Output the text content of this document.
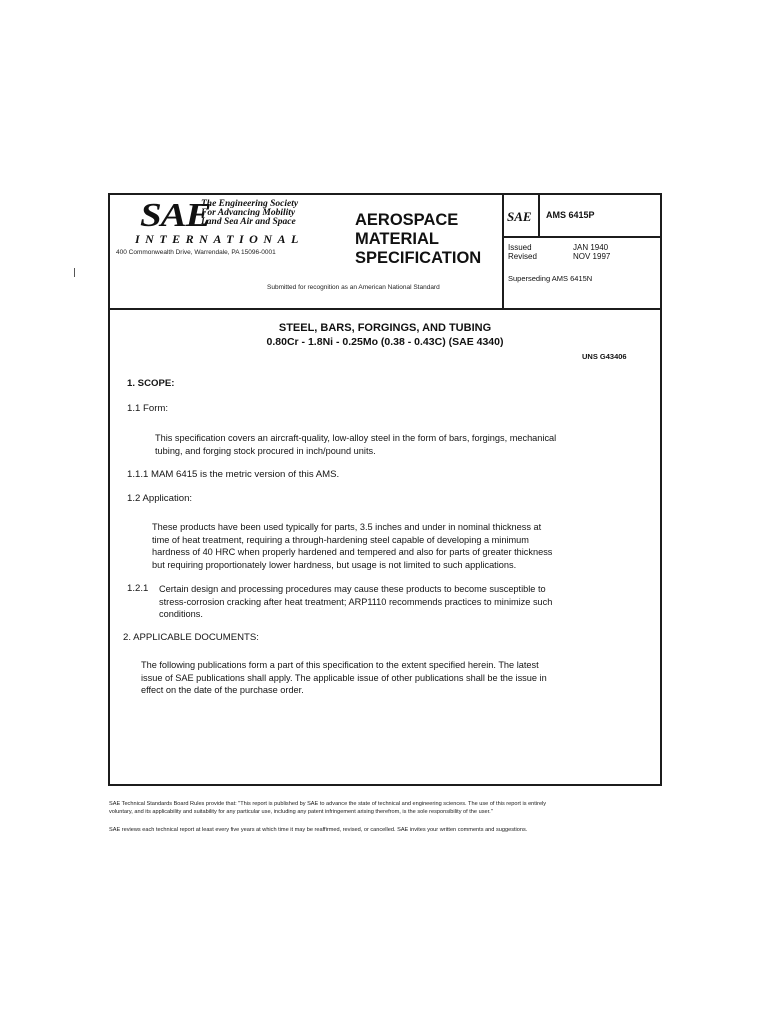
SAE
The Engineering Society
For Advancing Mobility
Land Sea Air and Space
INTERNATIONAL
400 Commonwealth Drive, Warrendale, PA 15096-0001
AEROSPACE
MATERIAL
SPECIFICATION
Submitted for recognition as an American National Standard
SAE AMS 6415P
Issued
Revised
JAN 1940
NOV 1997
Superseding AMS 6415N
STEEL, BARS, FORGINGS, AND TUBING
0.80Cr - 1.8Ni - 0.25Mo (0.38 - 0.43C) (SAE 4340)
UNS G43406
1. SCOPE:
1.1 Form:
This specification covers an aircraft-quality, low-alloy steel in the form of bars, forgings, mechanical
tubing, and forging stock procured in inch/pound units.
1.1.1 MAM 6415 is the metric version of this AMS.
1.2 Application:
These products have been used typically for parts, 3.5 inches and under in nominal thickness at
time of heat treatment, requiring a through-hardening steel capable of developing a minimum
hardness of 40 HRC when properly hardened and tempered and also for parts of greater thickness
but requiring proportionately lower hardness, but usage is not limited to such applications.
1.2.1 Certain design and processing procedures may cause these products to become susceptible to
stress-corrosion cracking after heat treatment; ARP1110 recommends practices to minimize such
conditions.
2. APPLICABLE DOCUMENTS:
The following publications form a part of this specification to the extent specified herein. The latest
issue of SAE publications shall apply. The applicable issue of other publications shall be the issue in
effect on the date of the purchase order.
SAE Technical Standards Board Rules provide that: "This report is published by SAE to advance the state of technical and engineering sciences. The use of this report is entirely
voluntary, and its applicability and suitability for any particular use, including any patent infringement arising therefrom, is the sole responsibility of the user."
SAE reviews each technical report at least every five years at which time it may be reaffirmed, revised, or cancelled. SAE invites your written comments and suggestions.
